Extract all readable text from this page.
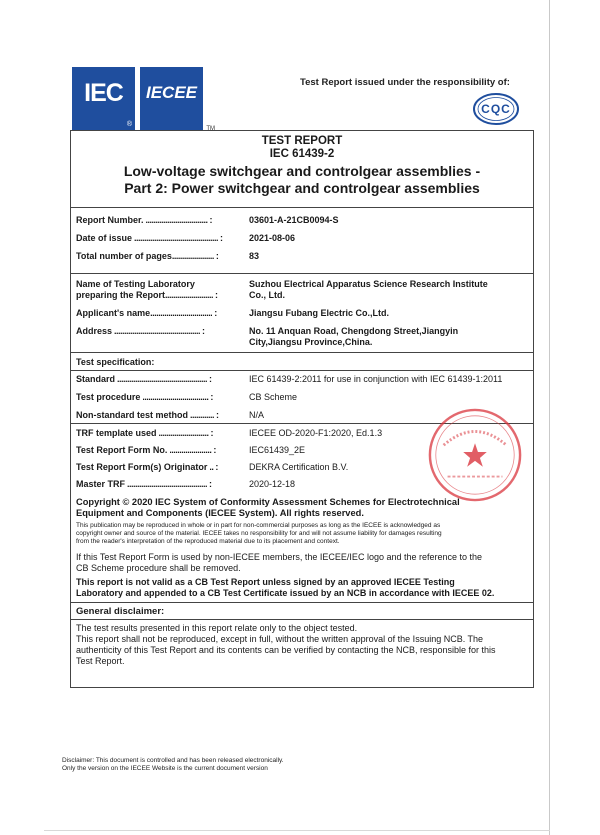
IEC
®
IECEE
TM
Test Report issued under the responsibility of:
CQC
TEST REPORT
IEC 61439-2
Low-voltage switchgear and controlgear assemblies -
Part 2: Power switchgear and controlgear assemblies
Report Number. ............................... :	03601-A-21CB0094-S
Date of issue .......................................... :	2021-08-06
Total number of pages..................... :	83
Name of Testing Laboratory
preparing the Report........................ :
Suzhou Electrical Apparatus Science Research Institute
Co., Ltd.
Applicant's name............................... :	Jiangsu Fubang Electric Co.,Ltd.
Address ........................................... :	No. 11 Anquan Road, Chengdong Street,Jiangyin
City,Jiangsu Province,China.
Test specification:
Standard ............................................. :	IEC 61439-2:2011 for use in conjunction with IEC 61439-1:2011
Test procedure ................................. :	CB Scheme
Non-standard test method ............ :	N/A
TRF template used ......................... :	IECEE OD-2020-F1:2020, Ed.1.3
Test Report Form No. ..................... :	IEC61439_2E
Test Report Form(s) Originator .. :	DEKRA Certification B.V.
Master TRF ........................................ :	2020-12-18
Copyright © 2020 IEC System of Conformity Assessment Schemes for Electrotechnical
Equipment and Components (IECEE System). All rights reserved.
This publication may be reproduced in whole or in part for non-commercial purposes as long as the IECEE is acknowledged as
copyright owner and source of the material. IECEE takes no responsibility for and will not assume liability for damages resulting
from the reader's interpretation of the reproduced material due to its placement and context.
If this Test Report Form is used by non-IECEE members, the IECEE/IEC logo and the reference to the
CB Scheme procedure shall be removed.
This report is not valid as a CB Test Report unless signed by an approved IECEE Testing
Laboratory and appended to a CB Test Certificate issued by an NCB in accordance with IECEE 02.
General disclaimer:
The test results presented in this report relate only to the object tested.
This report shall not be reproduced, except in full, without the written approval of the Issuing NCB. The
authenticity of this Test Report and its contents can be verified by contacting the NCB, responsible for this
Test Report.
Disclaimer: This document is controlled and has been released electronically.
Only the version on the IECEE Website is the current document version
